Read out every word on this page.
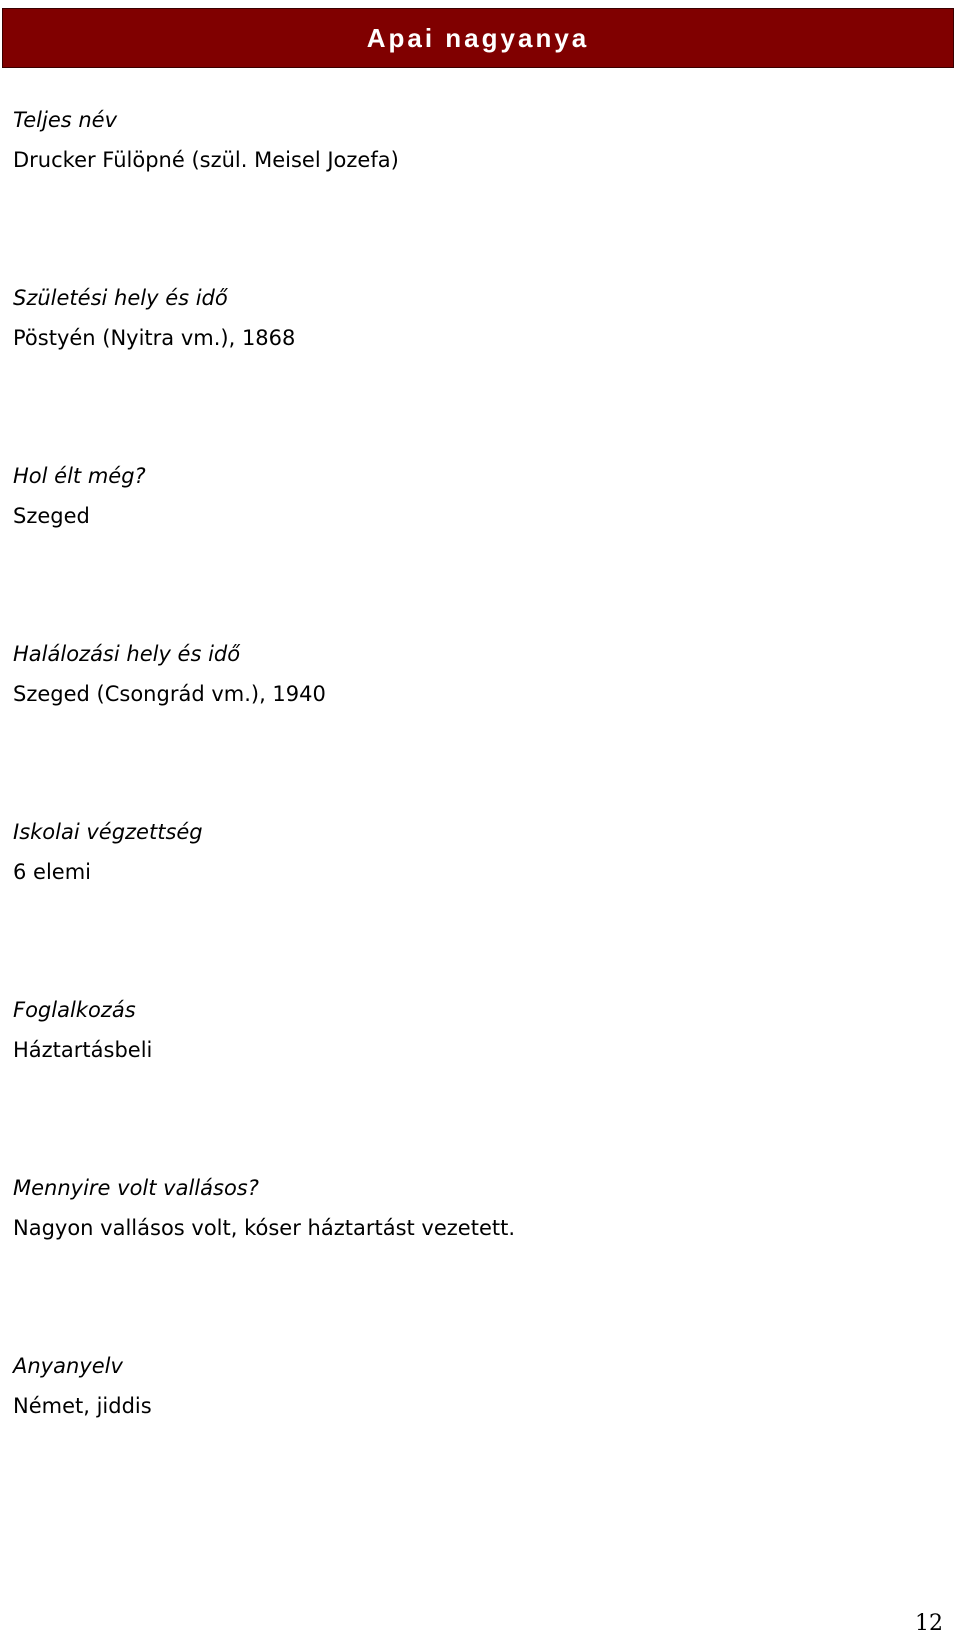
Apai nagyanya
Teljes név
Drucker Fülöpné (szül. Meisel Jozefa)
Születési hely és idő
Pöstyén (Nyitra vm.), 1868
Hol élt még?
Szeged
Halálozási hely és idő
Szeged (Csongrád vm.), 1940
Iskolai végzettség
6 elemi
Foglalkozás
Háztartásbeli
Mennyire volt vallásos?
Nagyon vallásos volt, kóser háztartást vezetett.
Anyanyelv
Német, jiddis
12
